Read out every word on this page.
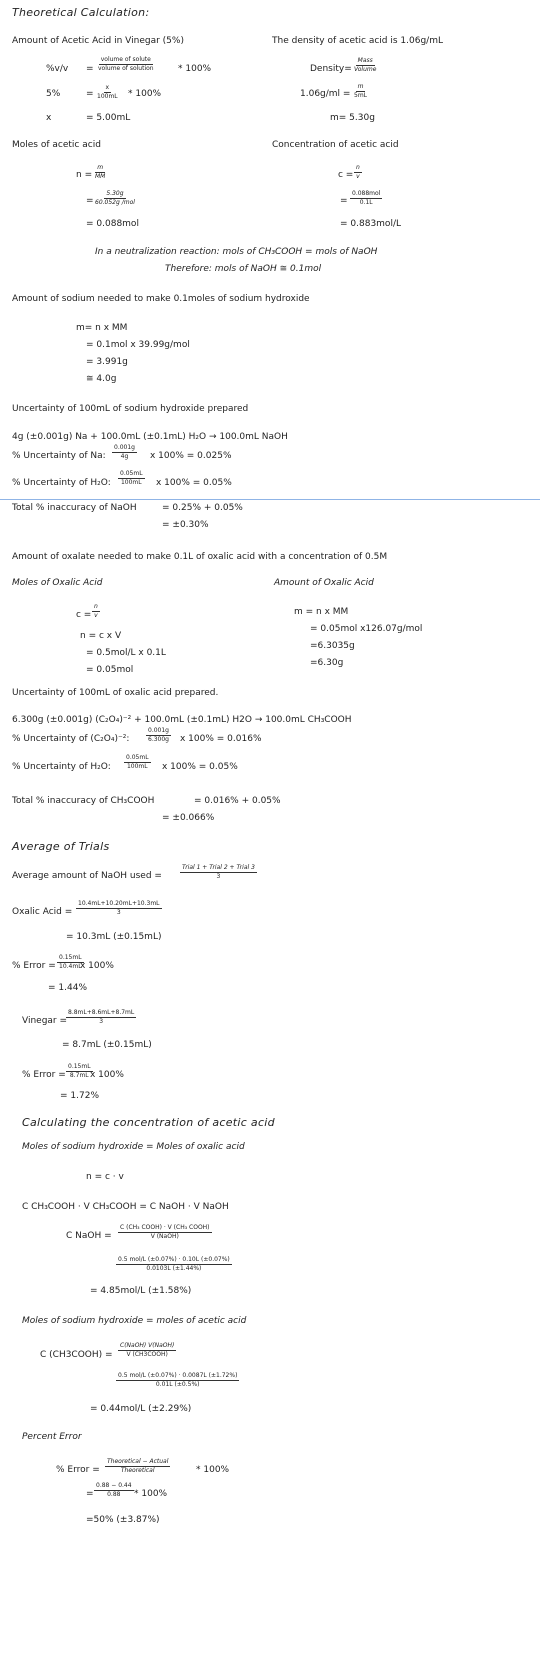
Theoretical Calculation:
Amount of Acetic Acid in Vinegar (5%)
%v/v =
volume of solute
volume of solution	* 100%
5%	=
x
100mL * 100%
x	= 5.00mL
The density of acetic acid is 1.06g/mL
Density=
Mass
Volume
1.06g/ml =
m
5mL
m= 5.30g
Moles of acetic acid
n =
m
MM
=
5.30g
60.052g /mol
= 0.088mol
Concentration of acetic acid
c =
n
v
=
0.088mol
0.1L
= 0.883mol/L
In a neutralization reaction: mols of CH₃COOH = mols of NaOH
Therefore: mols of NaOH ≅ 0.1mol
Amount of sodium needed to make 0.1moles of sodium hydroxide
m= n x MM
= 0.1mol x 39.99g/mol
= 3.991g
≅ 4.0g
Uncertainty of 100mL of sodium hydroxide prepared
4g (±0.001g) Na + 100.0mL (±0.1mL) H₂O → 100.0mL NaOH
% Uncertainty of Na:
0.001g
4g x 100% = 0.025%
% Uncertainty of H₂O:
0.05mL
100mL x 100% = 0.05%
Total % inaccuracy of NaOH	= 0.25% + 0.05%
= ±0.30%
Amount of oxalate needed to make 0.1L of oxalic acid with a concentration of 0.5M
Moles of Oxalic Acid	Amount of Oxalic Acid
c =
n
v
n = c x V
= 0.5mol/L x 0.1L
= 0.05mol
m = n x MM
= 0.05mol x126.07g/mol
=6.3035g
=6.30g
Uncertainty of 100mL of oxalic acid prepared.
6.300g (±0.001g) (C₂O₄)⁻² + 100.0mL (±0.1mL) H2O → 100.0mL CH₃COOH
% Uncertainty of (C₂O₄)⁻²:
0.001g
6.300g x 100% = 0.016%
% Uncertainty of H₂O:
0.05mL
100mL x 100% = 0.05%
Total % inaccuracy of CH₃COOH	= 0.016% + 0.05%
= ±0.066%
Average of Trials
Average amount of NaOH used =
Trial 1 + Trial 2 + Trial 3
3
Oxalic Acid =
10.4mL+10.20mL+10.3mL
3
= 10.3mL (±0.15mL)
% Error =
0.15mL
10.4mL
x 100%
= 1.44%
Vinegar =
8.8mL+8.6mL+8.7mL
3
= 8.7mL (±0.15mL)
% Error =
0.15mL
8.7mL x 100%
= 1.72%
Calculating the concentration of acetic acid
Moles of sodium hydroxide = Moles of oxalic acid
n = c · v
C CH₃COOH · V CH₃COOH = C NaOH · V NaOH
C NaOH =
C (CH₃ COOH) · V (CH₃ COOH)
V (NaOH)
0.5 mol/L (±0.07%) · 0.10L (±0.07%)
0.0103L (±1.44%)
= 4.85mol/L (±1.58%)
Moles of sodium hydroxide = moles of acetic acid
C (CH3COOH) =
C(NaOH) V(NaOH)
V (CH3COOH)
0.5 mol/L (±0.07%) · 0.0087L (±1.72%)
0.01L (±0.5%)
= 0.44mol/L (±2.29%)
Percent Error
% Error =
Theoretical − Actual
Theoretical	* 100%
=
0.88 − 0.44
0.88 * 100%
=50% (±3.87%)
